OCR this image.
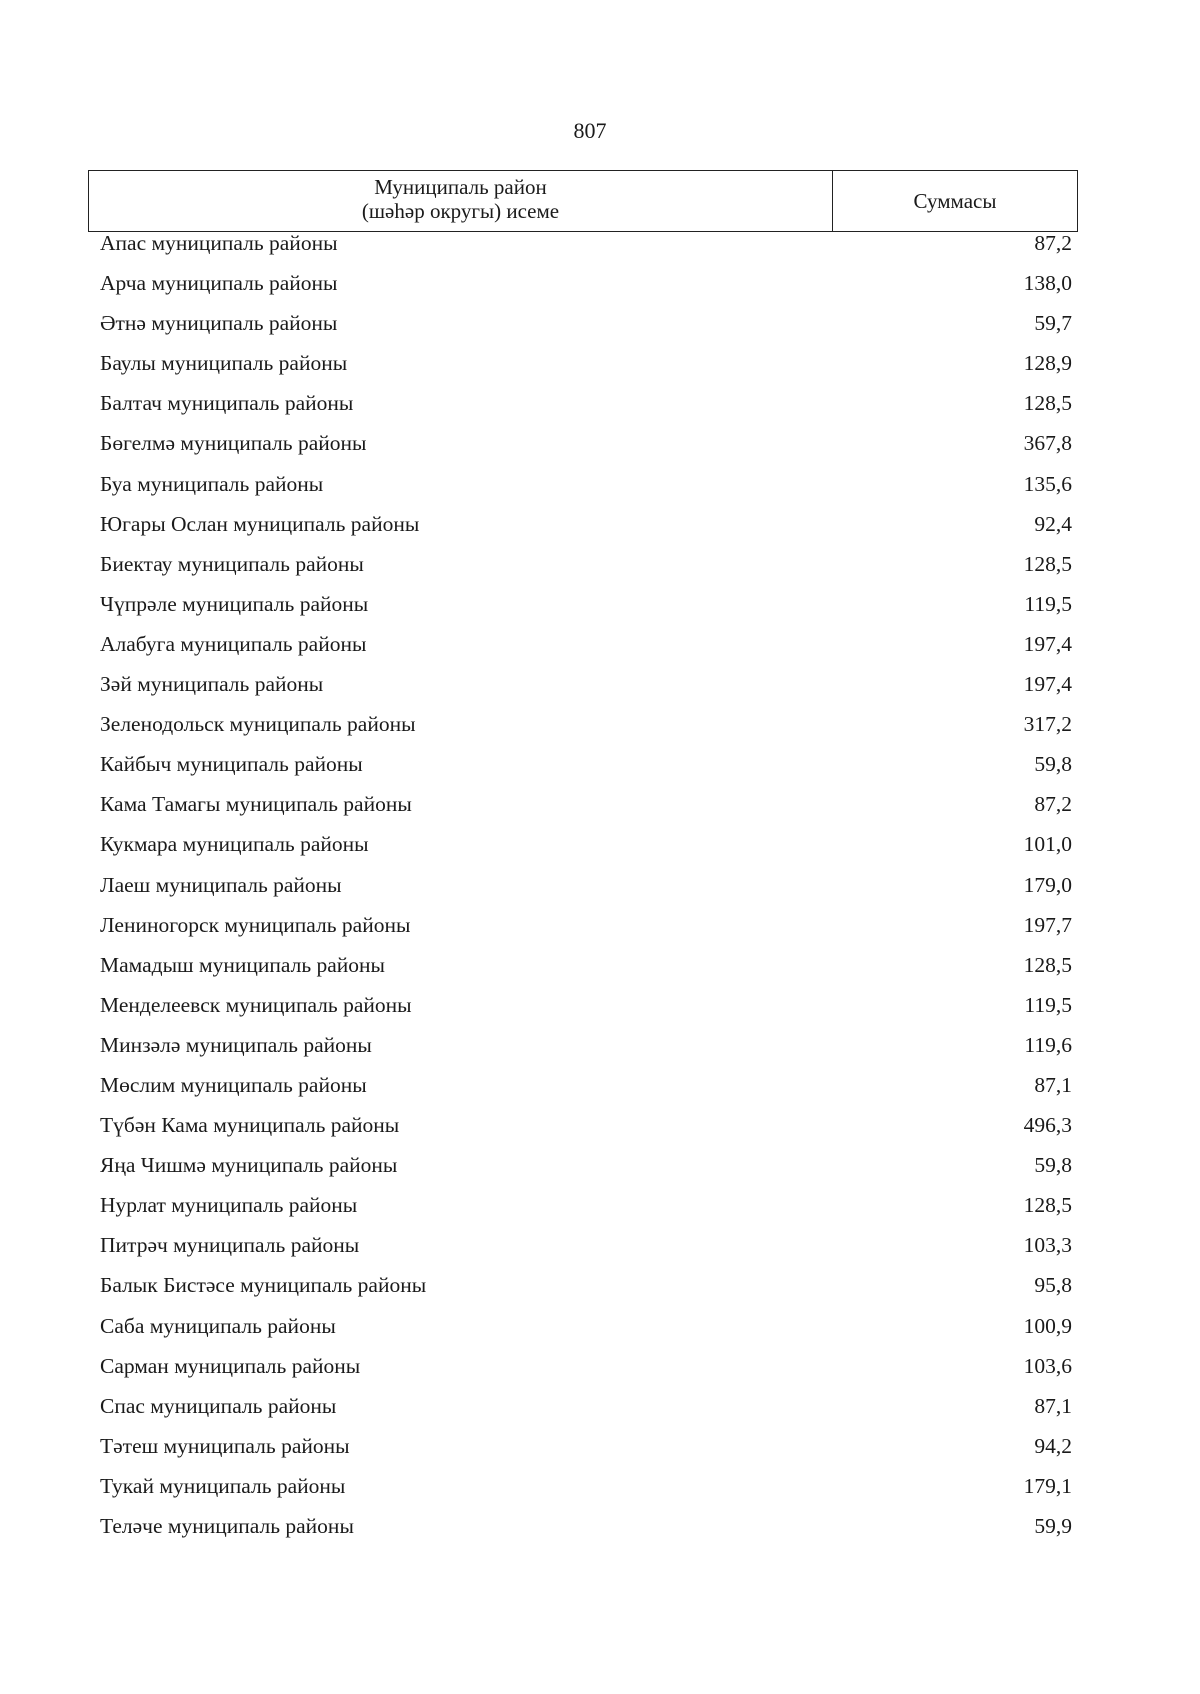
807
Муниципаль район
(шәһәр округы) исеме	Суммасы
Апас муниципаль районы	87,2
Арча муниципаль районы	138,0
Әтнә муниципаль районы	59,7
Баулы муниципаль районы	128,9
Балтач муниципаль районы	128,5
Бөгелмә муниципаль районы	367,8
Буа муниципаль районы	135,6
Югары Ослан муниципаль районы	92,4
Биектау муниципаль районы	128,5
Чүпрәле муниципаль районы	119,5
Алабуга муниципаль районы	197,4
Зәй муниципаль районы	197,4
Зеленодольск муниципаль районы	317,2
Кайбыч муниципаль районы	59,8
Кама Тамагы муниципаль районы	87,2
Кукмара муниципаль районы	101,0
Лаеш муниципаль районы	179,0
Лениногорск муниципаль районы	197,7
Мамадыш муниципаль районы	128,5
Менделеевск муниципаль районы	119,5
Минзәлә муниципаль районы	119,6
Мөслим муниципаль районы	87,1
Түбән Кама муниципаль районы	496,3
Яңа Чишмә муниципаль районы	59,8
Нурлат муниципаль районы	128,5
Питрәч муниципаль районы	103,3
Балык Бистәсе муниципаль районы	95,8
Саба муниципаль районы	100,9
Сарман муниципаль районы	103,6
Спас муниципаль районы	87,1
Тәтеш муниципаль районы	94,2
Тукай муниципаль районы	179,1
Теләче муниципаль районы	59,9
